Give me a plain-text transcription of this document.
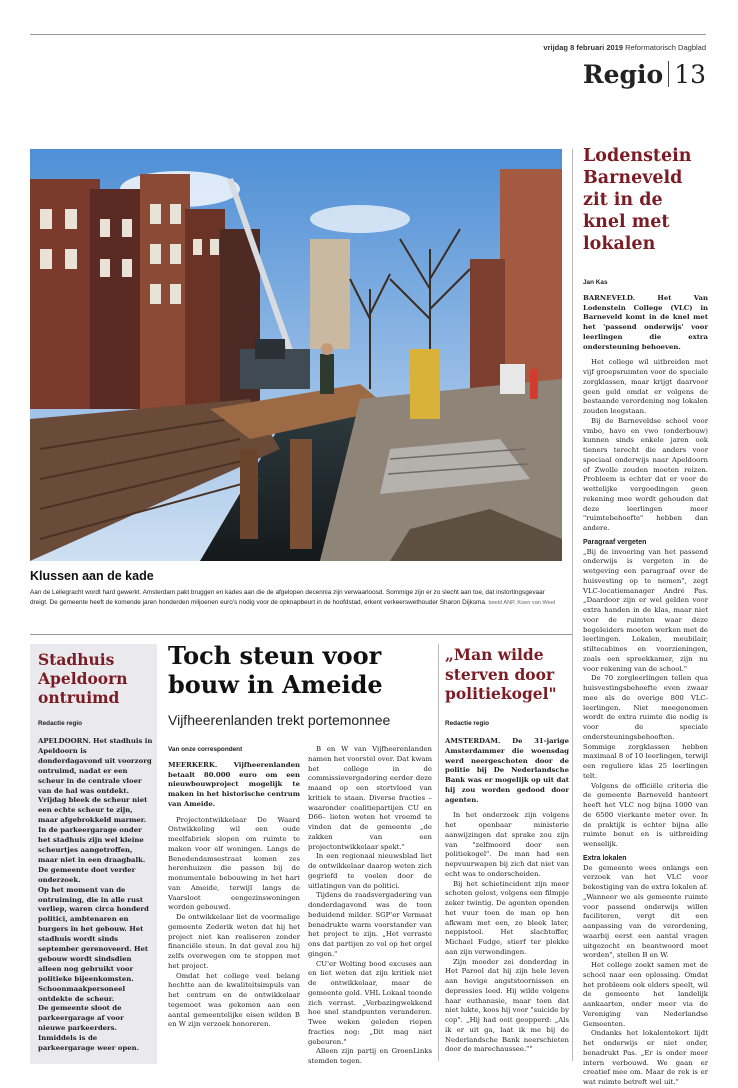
vrijdag 8 februari 2019 Reformatorisch Dagblad
Regio 13
Klussen aan de kade
Aan de Leliegracht wordt hard gewerkt. Amsterdam pakt bruggen en kades aan die de afgelopen decennia zijn verwaarloosd. Sommige zijn er zo slecht aan toe, dat instortingsgevaar dreigt. De gemeente heeft de komende jaren honderden miljoenen euro's nodig voor de opknapbeurt in de hoofdstad, erkent verkeerswethouder Sharon Dijksma. beeld ANP, Koen van Weel
Lodenstein Barneveld zit in de knel met lokalen
Jan Kas

BARNEVELD. Het Van Lodenstein College (VLC) in Barneveld komt in de knel met het 'passend onderwijs' voor leerlingen die extra ondersteuning behoeven.

Het college wil uitbreiden met vijf groepsruimten voor de speciale zorgklassen, maar krijgt daarvoor geen geld omdat er volgens de bestaande verordening nog lokalen zouden leegstaan.

Bij de Barneveldse school voor vmbo, havo en vwo (onderbouw) kunnen sinds enkele jaren ook tieners terecht die anders voor speciaal onderwijs naar Apeldoorn of Zwolle zouden moeten reizen. Probleem is echter dat er voor de wettelijke vergoedingen geen rekening mee wordt gehouden dat deze leerlingen meer "ruimtebehoefte" hebben dan andere.

Paragraaf vergeten

„Bij de invoering van het passend onderwijs is vergeten in de wetgeving een paragraaf over de huisvesting op te nemen", zegt VLC-locatiemanager André Pas. „Daardoor zijn er wel gelden voor extra handen in de klas, maar niet voor de ruimten waar deze begeleiders moeten werken met de leerlingen. Lokalen, meubilair, stiltecabines en voorzieningen, zoals een spreekkamer, zijn nu voor rekening van de school."

De 70 zorgleerlingen tellen qua huisvestingsbehoefte even zwaar mee als de overige 800 VLC-leerlingen. Niet meegenomen wordt de extra ruimte die nodig is voor de speciale ondersteuningsbehoeften. Sommige zorgklassen hebben maximaal 8 of 10 leerlingen, terwijl een reguliere klas 25 leerlingen telt.

Volgens de officiële criteria die de gemeente Barneveld hanteert heeft het VLC nog bijna 1000 van de 6500 vierkante meter over. In de praktijk is echter bijna alle ruimte benut en is uitbreiding wenselijk.

Extra lokalen

De gemeente wees onlangs een verzoek van het VLC voor bekostiging van de extra lokalen af. „Wanneer we als gemeente ruimte voor passend onderwijs willen faciliteren, vergt dit een aanpassing van de verordening, waarbij eerst een aantal vragen uitgezocht en beantwoord moet worden", stellen B en W.

Het college zoekt samen met de school naar een oplossing. Omdat het probleem ook elders speelt, wil de gemeente het landelijk aankaarten, onder meer via de Vereniging van Nederlandse Gemeenten.

Ondanks het lokalentekort lijdt het onderwijs er niet onder, benadrukt Pas. „Er is onder meer intern verbouwd. We gaan er creatief mee om. Maar de rek is er wat ruimte betreft wel uit."

Stadhuis Apeldoorn ontruimd
Redactie regio
APELDOORN. Het stadhuis in Apeldoorn is donderdagavond uit voorzorg ontruimd, nadat er een scheur in de centrale vloer van de hal was ontdekt.
Vrijdag bleek de scheur niet een echte scheur te zijn, maar afgebrokkeld marmer. In de parkeergarage onder het stadhuis zijn wel kleine scheurtjes aangetroffen, maar niet in een draagbalk. De gemeente doet verder onderzoek.
Op het moment van de ontruiming, die in alle rust verliep, waren circa honderd politici, ambtenaren en burgers in het gebouw. Het stadhuis wordt sinds september gerenoveerd. Het gebouw wordt sindsdien alleen nog gebruikt voor politieke bijeenkomsten. Schoonmaakpersoneel ontdekte de scheur.
De gemeente sloot de parkeergarage af voor nieuwe parkeerders. Inmiddels is de parkeergarage weer open.
Toch steun voor bouw in Ameide
Vijfheerenlanden trekt portemonnee
Van onze correspondent

MEERKERK. Vijfheerenlanden betaalt 80.000 euro om een nieuwbouwproject mogelijk te maken in het historische centrum van Ameide.

Projectontwikkelaar De Waard Ontwikkeling wil een oude meelfabriek slopen om ruimte te maken voor elf woningen. Langs de Benedendamsestraat komen zes herenhuizen die passen bij de monumentale bebouwing in het hart van Ameide, terwijl langs de Vaarsloot eengezinswoningen worden gebouwd.

De ontwikkelaar liet de voormalige gemeente Zederik weten dat hij het project niet kan realiseren zonder financiële steun. In dat geval zou hij zelfs overwegen om te stoppen met het project.

Omdat het college veel belang hechtte aan de kwaliteitsimpuls van het centrum en de ontwikkelaar tegemoet was gekomen aan een aantal gemeentelijke eisen wilden B en W zijn verzoek honoreren.

B en W van Vijfheerenlanden namen het voorstel over. Dat kwam het college in de commissievergadering eerder deze maand op een stortvloed van kritiek te staan. Diverse fracties –waaronder coalitiepartijen CU en D66– lieten weten het vreemd te vinden dat de gemeente „de zakken van een projectontwikkelaar spekt."

In een regionaal nieuwsblad liet de ontwikkelaar daarop weten zich gegriefd te voelen door de uitlatingen van de politici.

Tijdens de raadsvergadering van donderdagavond was de toon beduidend milder. SGP'er Vermaat benadrukte warm voorstander van het project te zijn. „Het verraste ons dat partijen zo vol op het orgel gingen."

CU'er Wolting bood excuses aan en liet weten dat zijn kritiek niet de ontwikkelaar, maar de gemeente gold. VHL Lokaal toonde zich verrast. „Verbazingwekkend hoe snel standpunten veranderen. Twee weken geleden riepen fracties nog: „Dit mag niet gebeuren."

Alleen zijn partij en GroenLinks stemden tegen.

„Man wilde sterven door politiekogel"
Redactie regio

AMSTERDAM. De 31-jarige Amsterdammer die woensdag werd neergeschoten door de politie bij De Nederlandsche Bank was er mogelijk op uit dat hij zou worden gedood door agenten.

In het onderzoek zijn volgens het openbaar ministerie aanwijzingen dat sprake zou zijn van "zelfmoord door een politiekogel". De man had een nepvuurwapen bij zich dat niet van echt was te onderscheiden.

Bij het schietincident zijn meer schoten gelost, volgens een filmpje zeker twintig. De agenten openden het vuur toen de man op hen afkwam met een, zo bleek later, neppistool. Het slachtoffer, Michael Fudge, stierf ter plekke aan zijn verwondingen.

Zijn moeder zei donderdag in Het Parool dat hij zijn hele leven aan hevige angststoornissen en depressies leed. Hij wilde volgens haar euthanasie, maar toen dat niet lukte, koos hij voor "suicide by cop". „Hij had ooit geopperd: „Als ik er uit ga, laat ik me bij de Nederlandsche Bank neerschieten door de marechaussee.""
